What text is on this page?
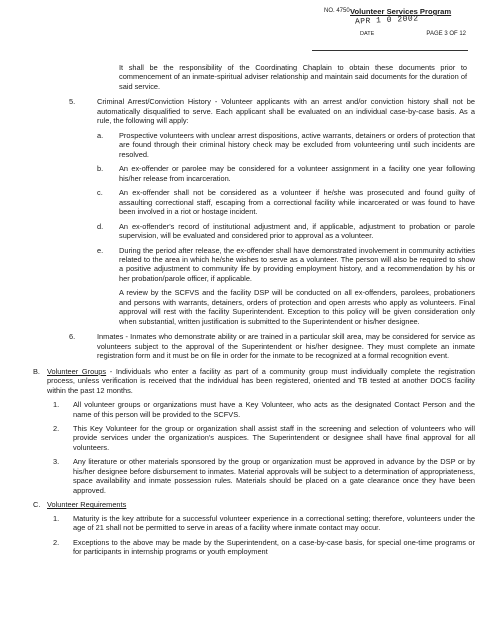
NO. 4750 Volunteer Services Program
APR 1 0 2002
DATE	PAGE 3 OF 12

It shall be the responsibility of the Coordinating Chaplain to obtain these documents prior to commencement of an inmate-spiritual adviser relationship and maintain said documents for the duration of said service.

5.	Criminal Arrest/Conviction History - Volunteer applicants with an arrest and/or conviction history shall not be automatically disqualified to serve. Each applicant shall be evaluated on an individual case-by-case basis. As a rule, the following will apply:
a. Prospective volunteers with unclear arrest dispositions, active warrants, detainers or orders of protection that are found through their criminal history check may be excluded from volunteering until such incidents are resolved.
b. An ex-offender or parolee may be considered for a volunteer assignment in a facility one year following his/her release from incarceration.
c. An ex-offender shall not be considered as a volunteer if he/she was prosecuted and found guilty of assaulting correctional staff, escaping from a correctional facility while incarcerated or was found to have been involved in a riot or hostage incident.
d. An ex-offender's record of institutional adjustment and, if applicable, adjustment to probation or parole supervision, will be evaluated and considered prior to approval as a volunteer.
e. During the period after release, the ex-offender shall have demonstrated involvement in community activities related to the area in which he/she wishes to serve as a volunteer. The person will also be required to show a positive adjustment to community life by providing employment history, and a recommendation by his or her probation/parole officer, if applicable.

A review by the SCFVS and the facility DSP will be conducted on all ex-offenders, parolees, probationers and persons with warrants, detainers, orders of protection and open arrests who apply as volunteers. Final approval will rest with the facility Superintendent. Exception to this policy will be given consideration only when substantial, written justification is submitted to the Superintendent or his/her designee.

6.	Inmates - Inmates who demonstrate ability or are trained in a particular skill area, may be considered for service as volunteers subject to the approval of the Superintendent or his/her designee. They must complete an inmate registration form and it must be on file in order for the inmate to be recognized at a formal recognition event.
B. Volunteer Groups - Individuals who enter a facility as part of a community group must individually complete the registration process, unless verification is received that the individual has been registered, oriented and TB tested at another DOCS facility within the past 12 months.
1. All volunteer groups or organizations must have a Key Volunteer, who acts as the designated Contact Person and the name of this person will be provided to the SCFVS.
2. This Key Volunteer for the group or organization shall assist staff in the screening and selection of volunteers who will provide services under the organization's auspices. The Superintendent or designee shall have final approval for all volunteers.
3. Any literature or other materials sponsored by the group or organization must be approved in advance by the DSP or by his/her designee before disbursement to inmates. Material approvals will be subject to a determination of appropriateness, space availability and inmate possession rules. Materials should be placed on a gate clearance once they have been approved.
C. Volunteer Requirements
1. Maturity is the key attribute for a successful volunteer experience in a correctional setting; therefore, volunteers under the age of 21 shall not be permitted to serve in areas of a facility where inmate contact may occur.
2. Exceptions to the above may be made by the Superintendent, on a case-by-case basis, for special one-time programs or for participants in internship programs or youth employment
